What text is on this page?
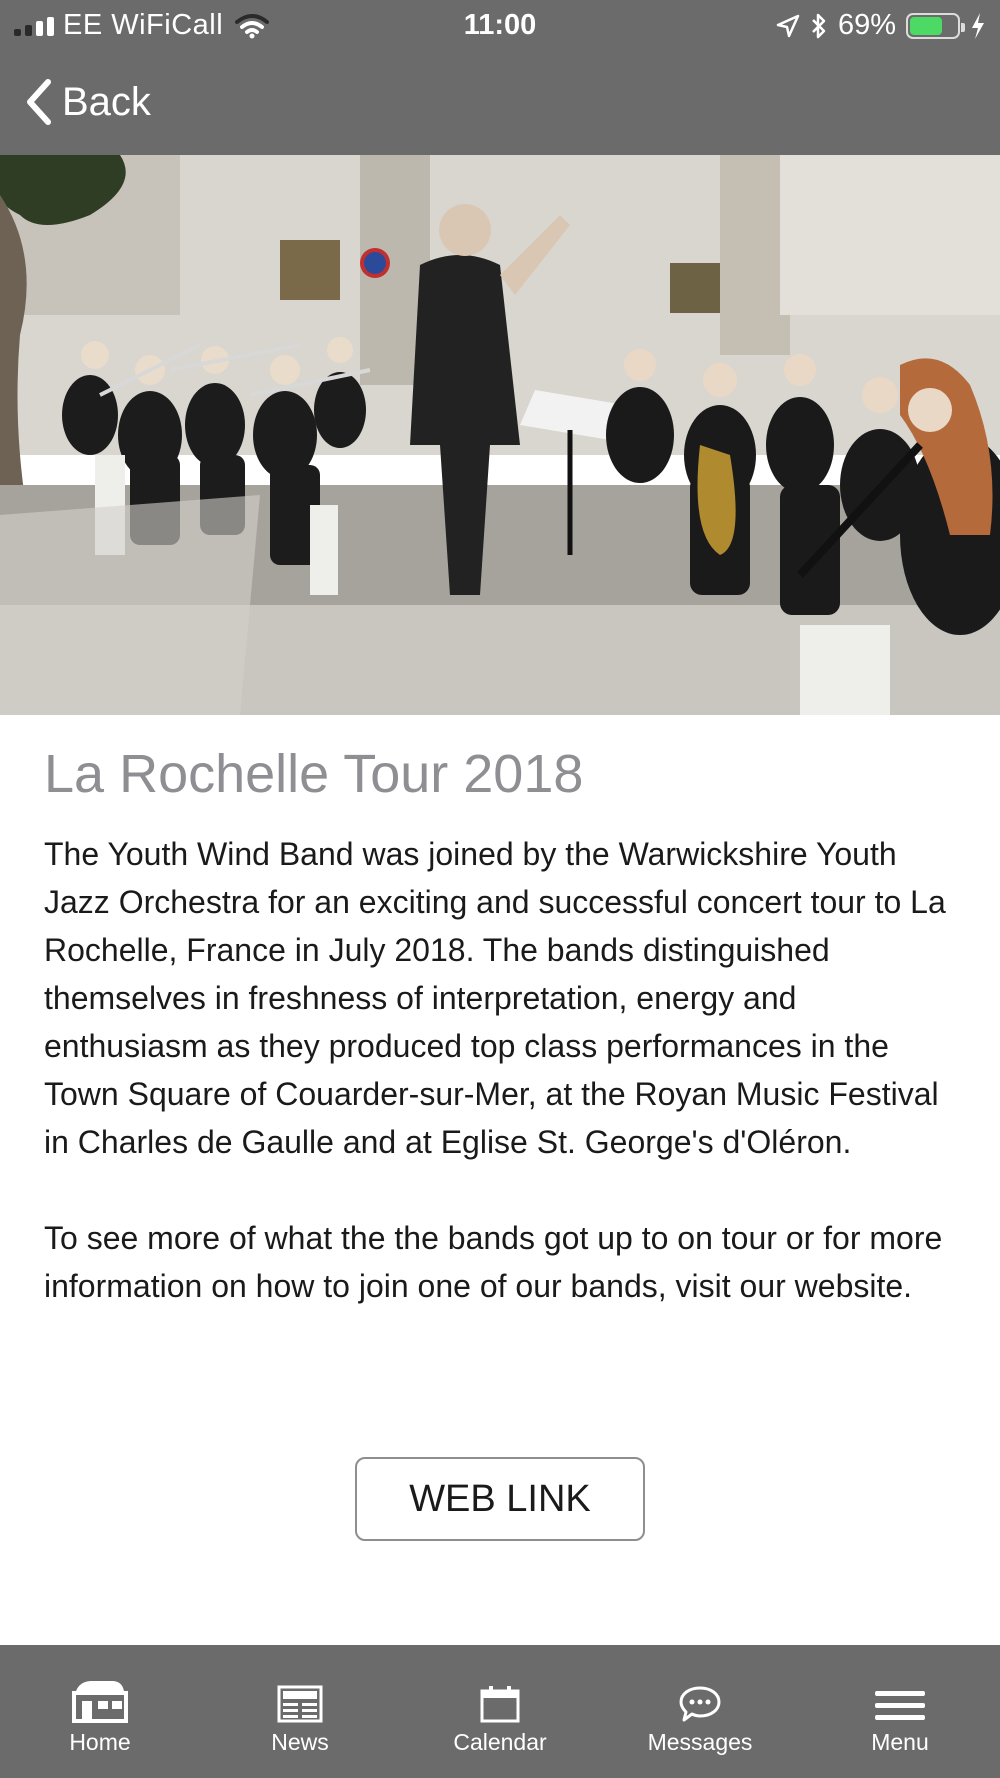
EE WiFiCall	11:00	69%
Back
La Rochelle Tour 2018

The Youth Wind Band was joined by the Warwickshire Youth Jazz Orchestra for an exciting and successful concert tour to La Rochelle, France in July 2018. The bands distinguished themselves in freshness of interpretation, energy and enthusiasm as they produced top class performances in the Town Square of Couarder-sur-Mer, at the Royan Music Festival in Charles de Gaulle and at Eglise St. George's d'Oléron.

To see more of what the the bands got up to on tour or for more information on how to join one of our bands, visit our website.

WEB LINK
Home	News	Calendar	Messages	Menu
